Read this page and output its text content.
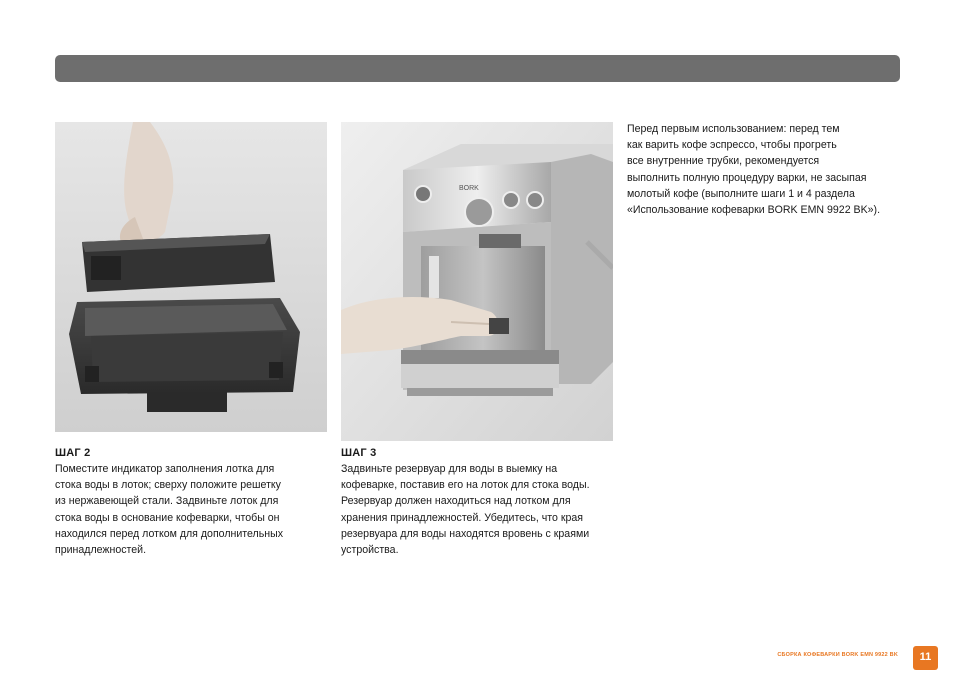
BORK
ШАГ 2

Поместите индикатор заполнения лотка для
стока воды в лоток; сверху положите решетку
из нержавеющей стали. Задвиньте лоток для
стока воды в основание кофеварки, чтобы он
находился перед лотком для дополнительных
принадлежностей.

ШАГ 3

Задвиньте резервуар для воды в выемку на
кофеварке, поставив его на лоток для стока воды.
Резервуар должен находиться над лотком для
хранения принадлежностей. Убедитесь, что края
резервуара для воды находятся вровень с краями
устройства.

Перед первым использованием: перед тем
как варить кофе эспрессо, чтобы прогреть
все внутренние трубки, рекомендуется
выполнить полную процедуру варки, не засыпая
молотый кофе (выполните шаги 1 и 4 раздела
«Использование кофеварки BORK EMN 9922 BK»).

СБОРКА КОФЕВАРКИ BORK EMN 9922 BK	11
